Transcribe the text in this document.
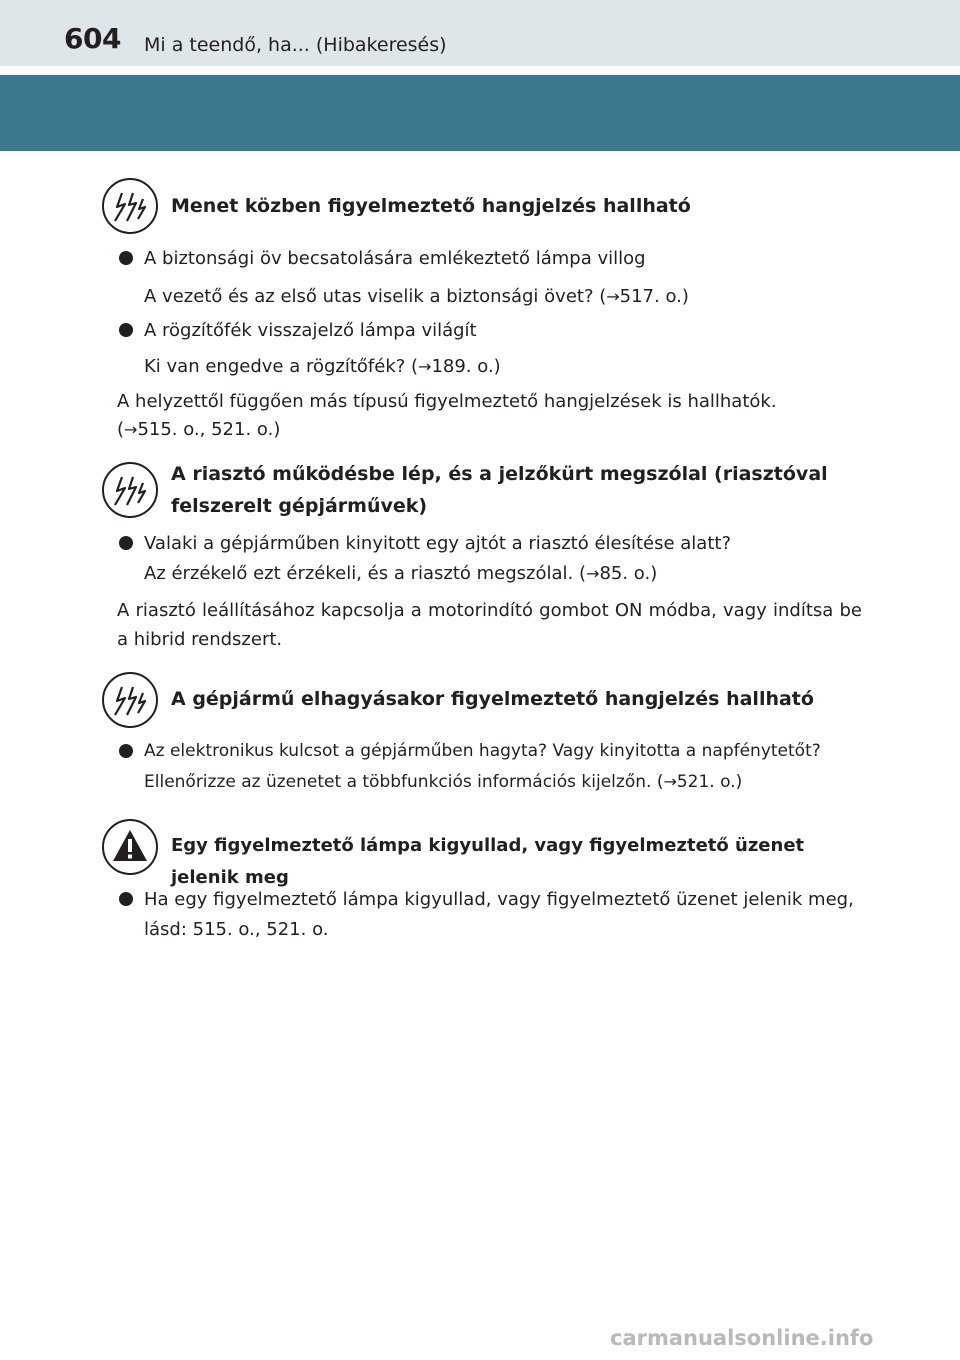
604 Mi a teendő, ha... (Hibakeresés)
Menet közben figyelmeztető hangjelzés hallható
A biztonsági öv becsatolására emlékeztető lámpa villog
A vezető és az első utas viselik a biztonsági övet? (→517. o.)
A rögzítőfék visszajelző lámpa világít
Ki van engedve a rögzítőfék? (→189. o.)
A helyzettől függően más típusú figyelmeztető hangjelzések is hallhatók.
(→515. o., 521. o.)
A riasztó működésbe lép, és a jelzőkürt megszólal (riasztóval felszerelt gépjárművek)
Valaki a gépjárműben kinyitott egy ajtót a riasztó élesítése alatt?
Az érzékelő ezt érzékeli, és a riasztó megszólal. (→85. o.)
A riasztó leállításához kapcsolja a motorindító gombot ON módba, vagy indítsa be a hibrid rendszert.
A gépjármű elhagyásakor figyelmeztető hangjelzés hallható
Az elektronikus kulcsot a gépjárműben hagyta? Vagy kinyitotta a napfénytetőt?
Ellenőrizze az üzenetet a többfunkciós információs kijelzőn. (→521. o.)
Egy figyelmeztető lámpa kigyullad, vagy figyelmeztető üzenet jelenik meg
Ha egy figyelmeztető lámpa kigyullad, vagy figyelmeztető üzenet jelenik meg,
lásd: 515. o., 521. o.
carmanualsonline.info
